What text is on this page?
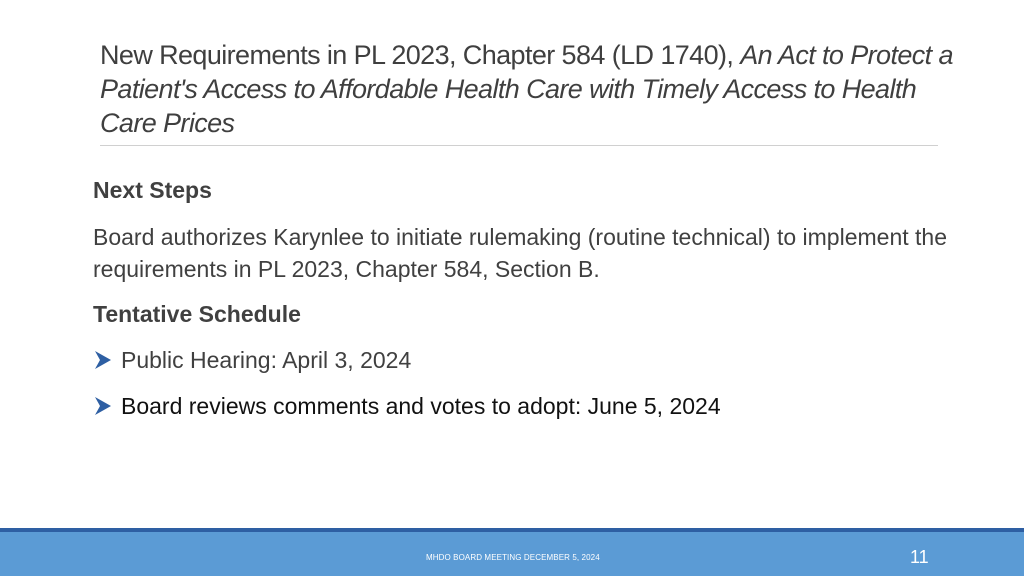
New Requirements in PL 2023, Chapter 584 (LD 1740), An Act to Protect a Patient's Access to Affordable Health Care with Timely Access to Health Care Prices

Next Steps

Board authorizes Karynlee to initiate rulemaking (routine technical) to implement the requirements in PL 2023, Chapter 584, Section B.

Tentative Schedule

Public Hearing: April 3, 2024
Board reviews comments and votes to adopt: June 5, 2024
MHDO BOARD MEETING DECEMBER 5, 2024	11
